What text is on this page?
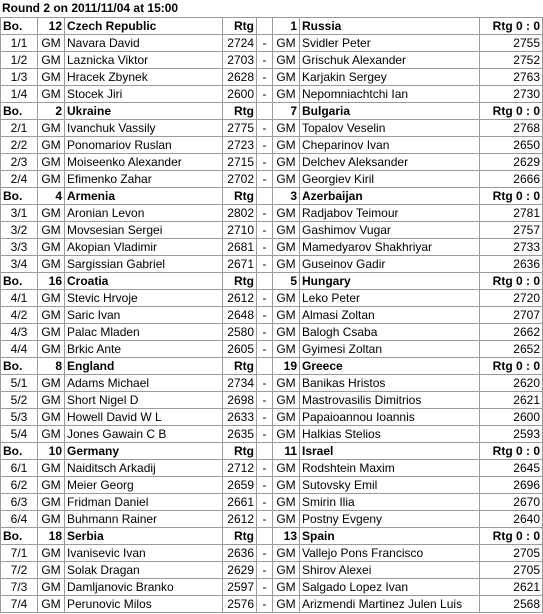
Round 2 on 2011/11/04 at 15:00
Bo.	12	Czech Republic	Rtg		1	Russia	Rtg 0 : 0
1/1	GM	Navara David	2724	-	GM	Svidler Peter	2755
1/2	GM	Laznicka Viktor	2703	-	GM	Grischuk Alexander	2752
1/3	GM	Hracek Zbynek	2628	-	GM	Karjakin Sergey	2763
1/4	GM	Stocek Jiri	2600	-	GM	Nepomniachtchi Ian	2730
Bo.	2	Ukraine	Rtg		7	Bulgaria	Rtg 0 : 0
2/1	GM	Ivanchuk Vassily	2775	-	GM	Topalov Veselin	2768
2/2	GM	Ponomariov Ruslan	2723	-	GM	Cheparinov Ivan	2650
2/3	GM	Moiseenko Alexander	2715	-	GM	Delchev Aleksander	2629
2/4	GM	Efimenko Zahar	2702	-	GM	Georgiev Kiril	2666
Bo.	4	Armenia	Rtg		3	Azerbaijan	Rtg 0 : 0
3/1	GM	Aronian Levon	2802	-	GM	Radjabov Teimour	2781
3/2	GM	Movsesian Sergei	2710	-	GM	Gashimov Vugar	2757
3/3	GM	Akopian Vladimir	2681	-	GM	Mamedyarov Shakhriyar	2733
3/4	GM	Sargissian Gabriel	2671	-	GM	Guseinov Gadir	2636
Bo.	16	Croatia	Rtg		5	Hungary	Rtg 0 : 0
4/1	GM	Stevic Hrvoje	2612	-	GM	Leko Peter	2720
4/2	GM	Saric Ivan	2648	-	GM	Almasi Zoltan	2707
4/3	GM	Palac Mladen	2580	-	GM	Balogh Csaba	2662
4/4	GM	Brkic Ante	2605	-	GM	Gyimesi Zoltan	2652
Bo.	8	England	Rtg		19	Greece	Rtg 0 : 0
5/1	GM	Adams Michael	2734	-	GM	Banikas Hristos	2620
5/2	GM	Short Nigel D	2698	-	GM	Mastrovasilis Dimitrios	2621
5/3	GM	Howell David W L	2633	-	GM	Papaioannou Ioannis	2600
5/4	GM	Jones Gawain C B	2635	-	GM	Halkias Stelios	2593
Bo.	10	Germany	Rtg		11	Israel	Rtg 0 : 0
6/1	GM	Naiditsch Arkadij	2712	-	GM	Rodshtein Maxim	2645
6/2	GM	Meier Georg	2659	-	GM	Sutovsky Emil	2696
6/3	GM	Fridman Daniel	2661	-	GM	Smirin Ilia	2670
6/4	GM	Buhmann Rainer	2612	-	GM	Postny Evgeny	2640
Bo.	18	Serbia	Rtg		13	Spain	Rtg 0 : 0
7/1	GM	Ivanisevic Ivan	2636	-	GM	Vallejo Pons Francisco	2705
7/2	GM	Solak Dragan	2629	-	GM	Shirov Alexei	2705
7/3	GM	Damljanovic Branko	2597	-	GM	Salgado Lopez Ivan	2621
7/4	GM	Perunovic Milos	2576	-	GM	Arizmendi Martinez Julen Luis	2568
